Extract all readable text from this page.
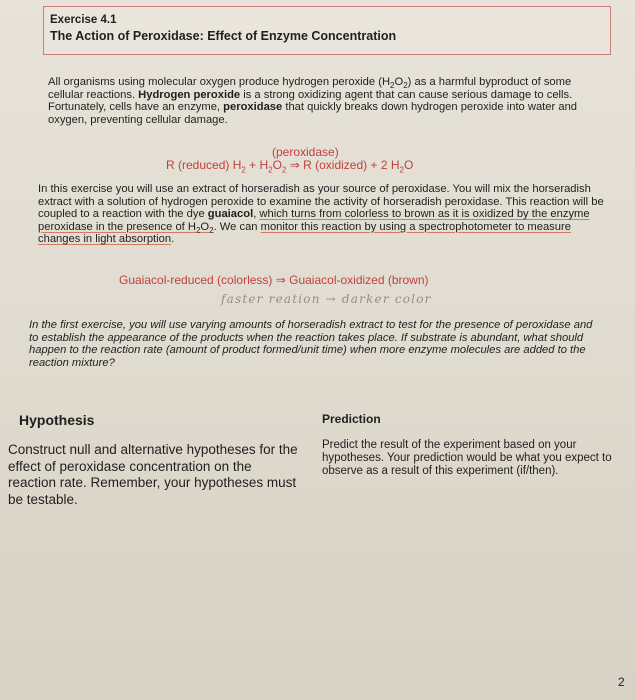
Exercise 4.1
The Action of Peroxidase: Effect of Enzyme Concentration
All organisms using molecular oxygen produce hydrogen peroxide $(H_2O_2)$ as a harmful byproduct of some cellular reactions. Hydrogen peroxide is a strong oxidizing agent that can cause serious damage to cells. Fortunately, cells have an enzyme, peroxidase that quickly breaks down hydrogen peroxide into water and oxygen, preventing cellular damage.
(peroxidase)
R (reduced) $H_2 + H_2O_2$ ⇒ R (oxidized) + 2 $H_2O$
In this exercise you will use an extract of horseradish as your source of peroxidase. You will mix the horseradish extract with a solution of hydrogen peroxide to examine the activity of horseradish peroxidase. This reaction will be coupled to a reaction with the dye guaiacol, which turns from colorless to brown as it is oxidized by the enzyme peroxidase in the presence of $H_2O_2$. We can monitor this reaction by using a spectrophotometer to measure changes in light absorption.
Guaiacol-reduced (colorless) ⇒ Guaiacol-oxidized (brown)
faster reation → darker color
In the first exercise, you will use varying amounts of horseradish extract to test for the presence of peroxidase and to establish the appearance of the products when the reaction takes place. If substrate is abundant, what should happen to the reaction rate (amount of product formed/unit time) when more enzyme molecules are added to the reaction mixture?
Hypothesis
Construct null and alternative hypotheses for the effect of peroxidase concentration on the reaction rate. Remember, your hypotheses must be testable.
Prediction
Predict the result of the experiment based on your hypotheses. Your prediction would be what you expect to observe as a result of this experiment (if/then).
2
